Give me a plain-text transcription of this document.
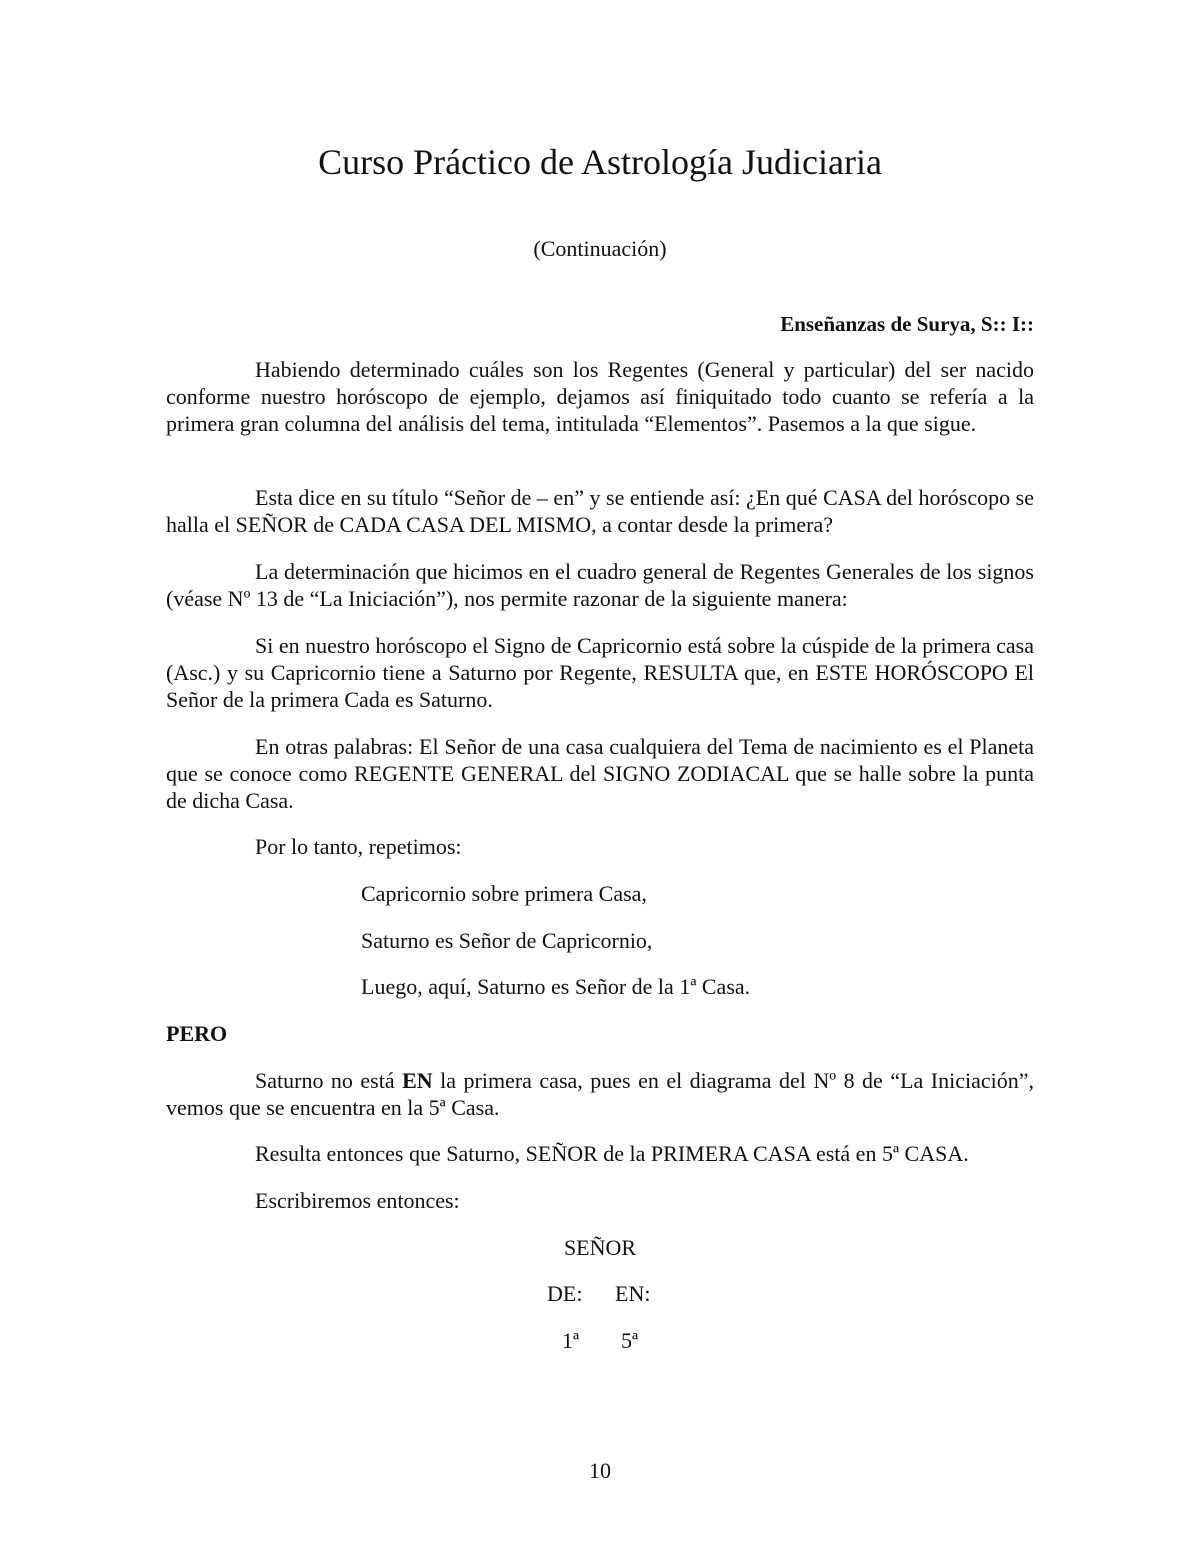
Curso Práctico de Astrología Judiciaria
(Continuación)
Enseñanzas de Surya, S:: I::

Habiendo determinado cuáles son los Regentes (General y particular) del ser nacido conforme nuestro horóscopo de ejemplo, dejamos así finiquitado todo cuanto se refería a la primera gran columna del análisis del tema, intitulada “Elementos”. Pasemos a la que sigue.

Esta dice en su título “Señor de – en” y se entiende así: ¿En qué CASA del horóscopo se halla el SEÑOR de CADA CASA DEL MISMO, a contar desde la primera?

La determinación que hicimos en el cuadro general de Regentes Generales de los signos (véase Nº 13 de “La Iniciación”), nos permite razonar de la siguiente manera:

Si en nuestro horóscopo el Signo de Capricornio está sobre la cúspide de la primera casa (Asc.) y su Capricornio tiene a Saturno por Regente, RESULTA que, en ESTE HORÓSCOPO El Señor de la primera Cada es Saturno.

En otras palabras: El Señor de una casa cualquiera del Tema de nacimiento es el Planeta que se conoce como REGENTE GENERAL del SIGNO ZODIACAL que se halle sobre la punta de dicha Casa.

Por lo tanto, repetimos:

Capricornio sobre primera Casa,

Saturno es Señor de Capricornio,

Luego, aquí, Saturno es Señor de la 1ª Casa.

PERO

Saturno no está EN la primera casa, pues en el diagrama del Nº 8 de “La Iniciación”, vemos que se encuentra en la 5ª Casa.

Resulta entonces que Saturno, SEÑOR de la PRIMERA CASA está en 5ª CASA.

Escribiremos entonces:

SEÑOR
DE: EN:
1ª 5ª
10
